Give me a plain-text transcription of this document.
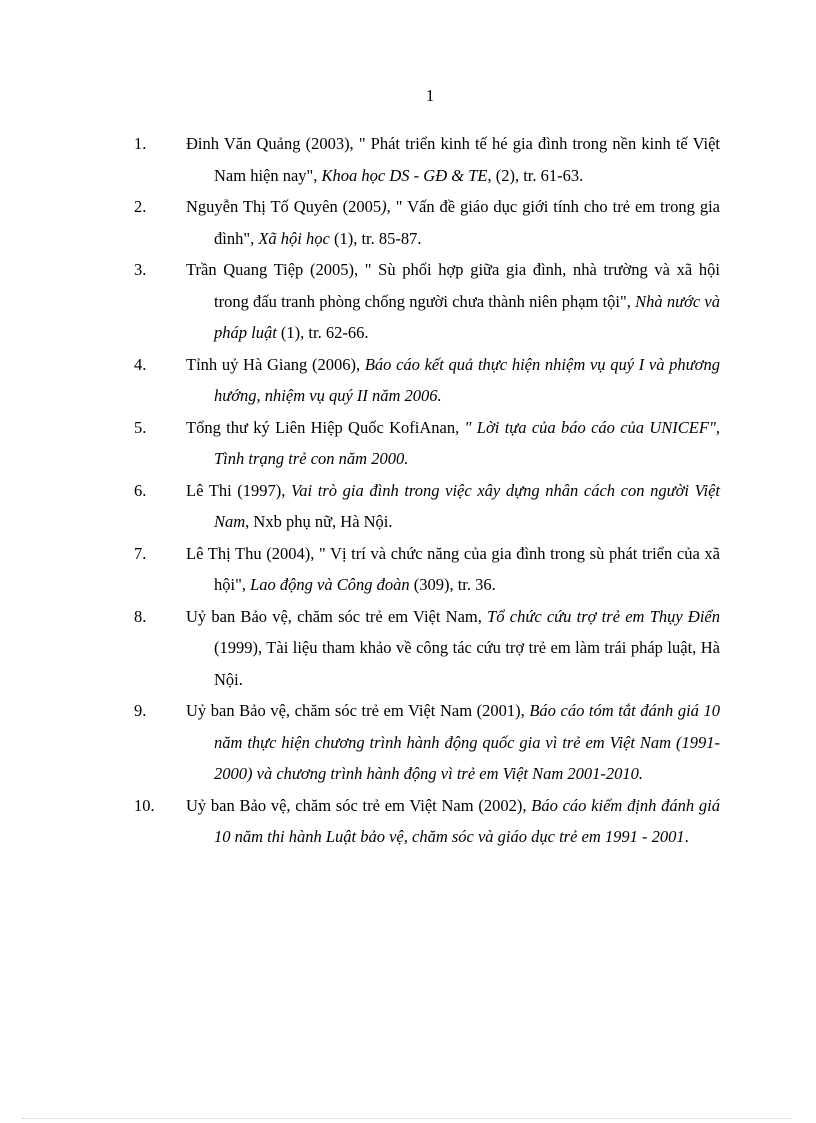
1
1.	Đinh Văn Quảng (2003), " Phát triển kinh tế hé gia đình trong nền kinh tế Việt Nam hiện nay", Khoa học DS - GĐ & TE, (2), tr. 61-63.
2.	Nguyễn Thị Tố Quyên (2005), " Vấn đề giáo dục giới tính cho trẻ em trong gia đình", Xã hội học (1), tr. 85-87.
3.	Trần Quang Tiệp (2005), " Sù phối hợp giữa gia đình, nhà trường và xã hội trong đấu tranh phòng chống người chưa thành niên phạm tội", Nhà nước và pháp luật (1), tr. 62-66.
4.	Tỉnh uỷ Hà Giang (2006), Báo cáo kết quả thực hiện nhiệm vụ quý I và phương hướng, nhiệm vụ quý II năm 2006.
5.	Tổng thư ký Liên Hiệp Quốc KofiAnan, " Lời tựa của báo cáo của UNICEF", Tình trạng trẻ con năm 2000.
6.	Lê Thi (1997), Vai trò gia đình trong việc xây dựng nhân cách con người Việt Nam, Nxb phụ nữ, Hà Nội.
7.	Lê Thị Thu (2004), " Vị trí và chức năng của gia đình trong sù phát triển của xã hội", Lao động và Công đoàn (309), tr. 36.
8.	Uỷ ban Bảo vệ, chăm sóc trẻ em Việt Nam, Tổ chức cứu trợ trẻ em Thụy Điển (1999), Tài liệu tham khảo về công tác cứu trợ trẻ em làm trái pháp luật, Hà Nội.
9.	Uỷ ban Bảo vệ, chăm sóc trẻ em Việt Nam (2001), Báo cáo tóm tắt đánh giá 10 năm thực hiện chương trình hành động quốc gia vì trẻ em Việt Nam (1991-2000) và chương trình hành động vì trẻ em Việt Nam 2001-2010.
10.	Uỷ ban Bảo vệ, chăm sóc trẻ em Việt Nam (2002), Báo cáo kiểm định đánh giá 10 năm thi hành Luật bảo vệ, chăm sóc và giáo dục trẻ em 1991 - 2001.
